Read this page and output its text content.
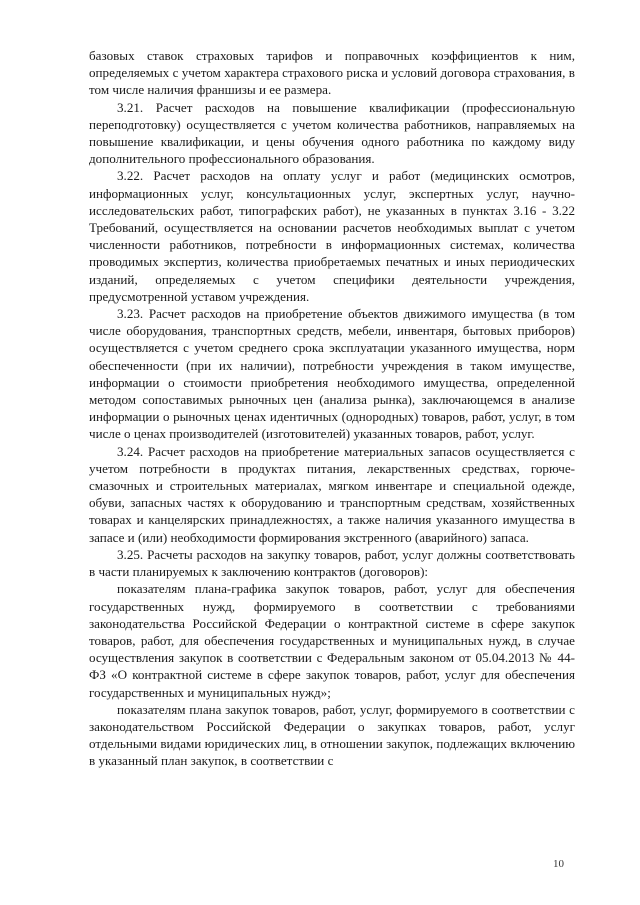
базовых ставок страховых тарифов и поправочных коэффициентов к ним, определяемых с учетом характера страхового риска и условий договора страхования, в том числе наличия франшизы и ее размера.

3.21. Расчет расходов на повышение квалификации (профессиональную переподготовку) осуществляется с учетом количества работников, направляемых на повышение квалификации, и цены обучения одного работника по каждому виду дополнительного профессионального образования.

3.22. Расчет расходов на оплату услуг и работ (медицинских осмотров, информационных услуг, консультационных услуг, экспертных услуг, научно-исследовательских работ, типографских работ), не указанных в пунктах 3.16 - 3.22 Требований, осуществляется на основании расчетов необходимых выплат с учетом численности работников, потребности в информационных системах, количества проводимых экспертиз, количества приобретаемых печатных и иных периодических изданий, определяемых с учетом специфики деятельности учреждения, предусмотренной уставом учреждения.

3.23. Расчет расходов на приобретение объектов движимого имущества (в том числе оборудования, транспортных средств, мебели, инвентаря, бытовых приборов) осуществляется с учетом среднего срока эксплуатации указанного имущества, норм обеспеченности (при их наличии), потребности учреждения в таком имуществе, информации о стоимости приобретения необходимого имущества, определенной методом сопоставимых рыночных цен (анализа рынка), заключающемся в анализе информации о рыночных ценах идентичных (однородных) товаров, работ, услуг, в том числе о ценах производителей (изготовителей) указанных товаров, работ, услуг.

3.24. Расчет расходов на приобретение материальных запасов осуществляется с учетом потребности в продуктах питания, лекарственных средствах, горюче-смазочных и строительных материалах, мягком инвентаре и специальной одежде, обуви, запасных частях к оборудованию и транспортным средствам, хозяйственных товарах и канцелярских принадлежностях, а также наличия указанного имущества в запасе и (или) необходимости формирования экстренного (аварийного) запаса.

3.25. Расчеты расходов на закупку товаров, работ, услуг должны соответствовать в части планируемых к заключению контрактов (договоров):

показателям плана-графика закупок товаров, работ, услуг для обеспечения государственных нужд, формируемого в соответствии с требованиями законодательства Российской Федерации о контрактной системе в сфере закупок товаров, работ, для обеспечения государственных и муниципальных нужд, в случае осуществления закупок в соответствии с Федеральным законом от 05.04.2013 № 44-ФЗ «О контрактной системе в сфере закупок товаров, работ, услуг для обеспечения государственных и муниципальных нужд»;

показателям плана закупок товаров, работ, услуг, формируемого в соответствии с законодательством Российской Федерации о закупках товаров, работ, услуг отдельными видами юридических лиц, в отношении закупок, подлежащих включению в указанный план закупок, в соответствии с

10
